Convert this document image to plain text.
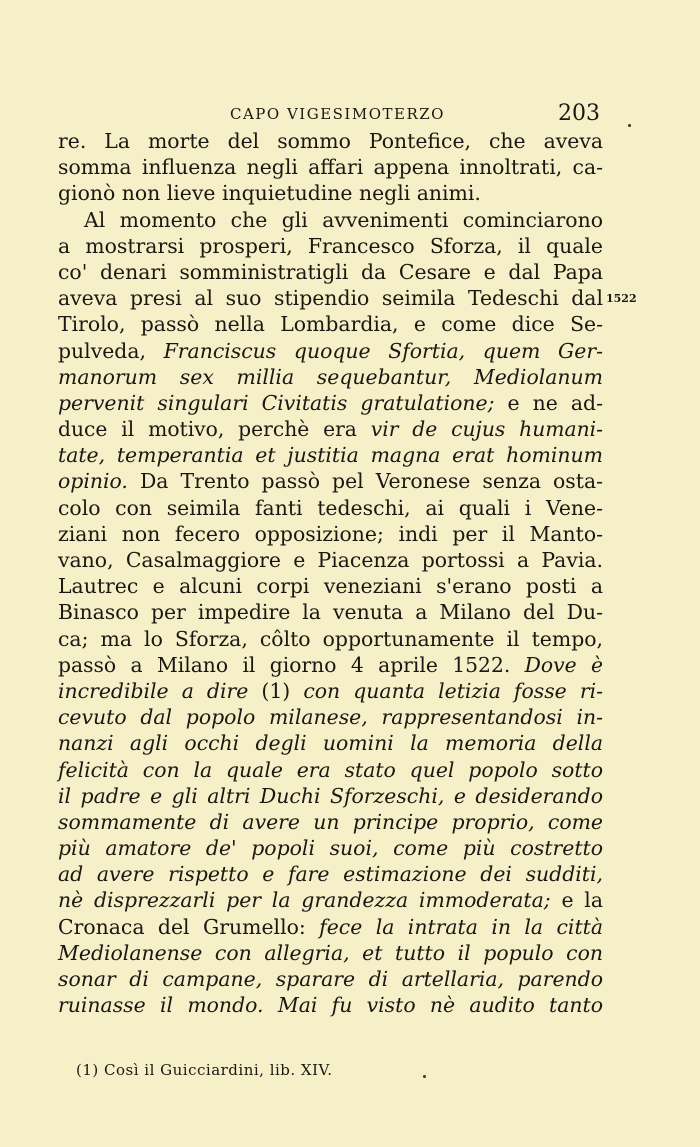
CAPO VIGESIMOTERZO	203
re. La morte del sommo Pontefice, che aveva
somma influenza negli affari appena innoltrati, ca-
gionò non lieve inquietudine negli animi.
Al momento che gli avvenimenti cominciarono
a mostrarsi prosperi, Francesco Sforza, il quale
co' denari somministratigli da Cesare e dal Papa
aveva presi al suo stipendio seimila Tedeschi dal
Tirolo, passò nella Lombardia, e come dice Se-
pulveda, Franciscus quoque Sfortia, quem Ger-
manorum sex millia sequebantur, Mediolanum
pervenit singulari Civitatis gratulatione; e ne ad-
duce il motivo, perchè era vir de cujus humani-
tate, temperantia et justitia magna erat hominum
opinio. Da Trento passò pel Veronese senza osta-
colo con seimila fanti tedeschi, ai quali i Vene-
ziani non fecero opposizione; indi per il Manto-
vano, Casalmaggiore e Piacenza portossi a Pavia.
Lautrec e alcuni corpi veneziani s'erano posti a
Binasco per impedire la venuta a Milano del Du-
ca; ma lo Sforza, côlto opportunamente il tempo,
passò a Milano il giorno 4 aprile 1522. Dove è
incredibile a dire (1) con quanta letizia fosse ri-
cevuto dal popolo milanese, rappresentandosi in-
nanzi agli occhi degli uomini la memoria della
felicità con la quale era stato quel popolo sotto
il padre e gli altri Duchi Sforzeschi, e desiderando
sommamente di avere un principe proprio, come
più amatore de' popoli suoi, come più costretto
ad avere rispetto e fare estimazione dei sudditi,
nè disprezzarli per la grandezza immoderata; e la
Cronaca del Grumello: fece la intrata in la città
Mediolanense con allegria, et tutto il populo con
sonar di campane, sparare di artellaria, parendo
ruinasse il mondo. Mai fu visto nè audito tanto
1522
(1) Così il Guicciardini, lib. XIV.
